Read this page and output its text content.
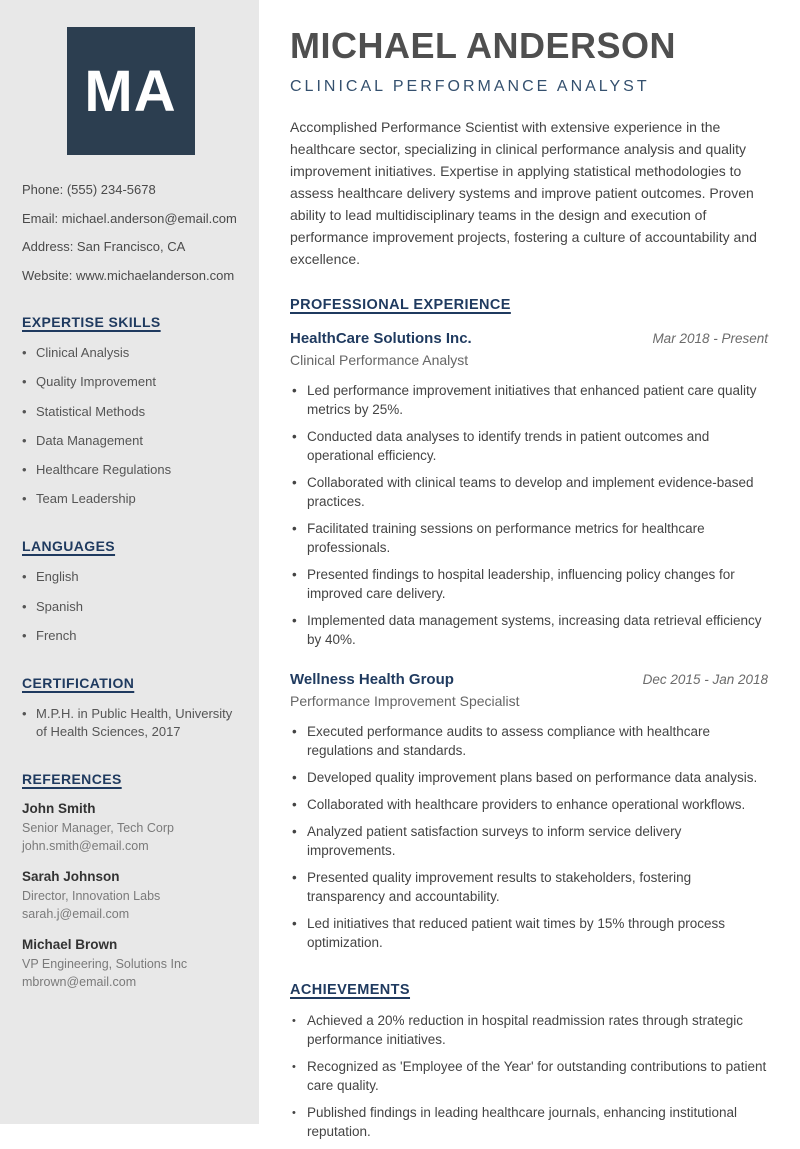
MA
Phone: (555) 234-5678
Email: michael.anderson@email.com
Address: San Francisco, CA
Website: www.michaelanderson.com
EXPERTISE SKILLS
• Clinical Analysis
• Quality Improvement
• Statistical Methods
• Data Management
• Healthcare Regulations
• Team Leadership
LANGUAGES
• English
• Spanish
• French
CERTIFICATION
• M.P.H. in Public Health, University of Health Sciences, 2017
REFERENCES
John Smith
Senior Manager, Tech Corp
john.smith@email.com
Sarah Johnson
Director, Innovation Labs
sarah.j@email.com
Michael Brown
VP Engineering, Solutions Inc
mbrown@email.com
MICHAEL ANDERSON
CLINICAL PERFORMANCE ANALYST
Accomplished Performance Scientist with extensive experience in the healthcare sector, specializing in clinical performance analysis and quality improvement initiatives. Expertise in applying statistical methodologies to assess healthcare delivery systems and improve patient outcomes. Proven ability to lead multidisciplinary teams in the design and execution of performance improvement projects, fostering a culture of accountability and excellence.
PROFESSIONAL EXPERIENCE
HealthCare Solutions Inc.	Mar 2018 - Present
Clinical Performance Analyst
• Led performance improvement initiatives that enhanced patient care quality metrics by 25%.
• Conducted data analyses to identify trends in patient outcomes and operational efficiency.
• Collaborated with clinical teams to develop and implement evidence-based practices.
• Facilitated training sessions on performance metrics for healthcare professionals.
• Presented findings to hospital leadership, influencing policy changes for improved care delivery.
• Implemented data management systems, increasing data retrieval efficiency by 40%.
Wellness Health Group	Dec 2015 - Jan 2018
Performance Improvement Specialist
• Executed performance audits to assess compliance with healthcare regulations and standards.
• Developed quality improvement plans based on performance data analysis.
• Collaborated with healthcare providers to enhance operational workflows.
• Analyzed patient satisfaction surveys to inform service delivery improvements.
• Presented quality improvement results to stakeholders, fostering transparency and accountability.
• Led initiatives that reduced patient wait times by 15% through process optimization.
ACHIEVEMENTS
• Achieved a 20% reduction in hospital readmission rates through strategic performance initiatives.
• Recognized as 'Employee of the Year' for outstanding contributions to patient care quality.
• Published findings in leading healthcare journals, enhancing institutional reputation.
